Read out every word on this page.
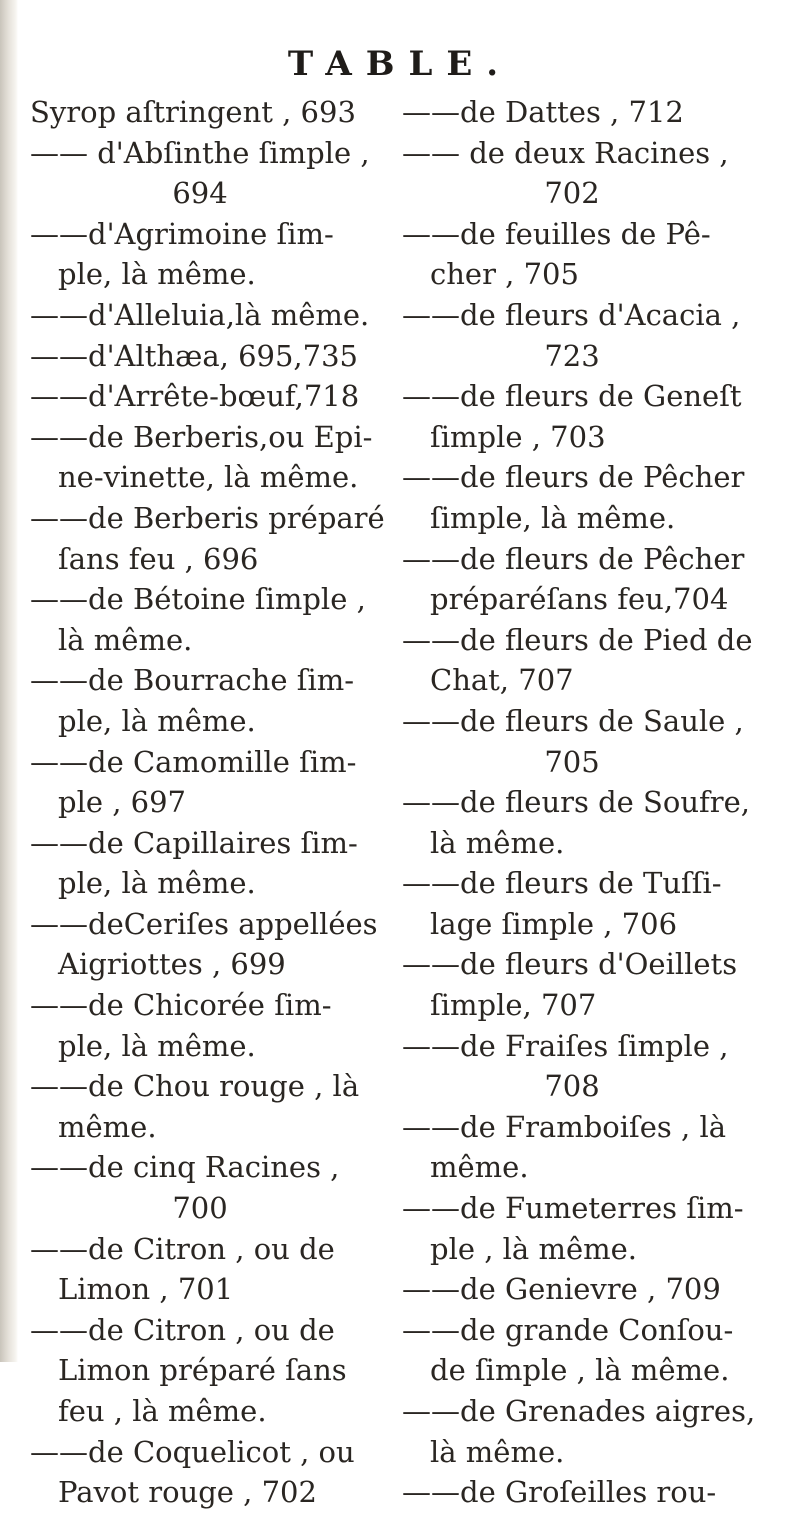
TABLE.
Syrop aſtringent , 693
—— d'Abſinthe ſimple ,
694
——d'Agrimoine ſim-
ple, là même.
——d'Alleluia,là même.
——d'Althæa, 695,735
——d'Arrête-bœuf,718
——de Berberis,ou Epi-
ne-vinette, là même.
——de Berberis préparé
ſans feu , 696
——de Bétoine ſimple ,
là même.
——de Bourrache ſim-
ple, là même.
——de Camomille ſim-
ple , 697
——de Capillaires ſim-
ple, là même.
——deCeriſes appellées
Aigriottes , 699
——de Chicorée ſim-
ple, là même.
——de Chou rouge , là
même.
——de cinq Racines ,
700
——de Citron , ou de
Limon , 701
——de Citron , ou de
Limon préparé ſans
feu , là même.
——de Coquelicot , ou
Pavot rouge , 702
——de Dattes , 712
—— de deux Racines ,
702
——de feuilles de Pê-
cher , 705
——de fleurs d'Acacia ,
723
——de fleurs de Geneſt
ſimple , 703
——de fleurs de Pêcher
ſimple, là même.
——de fleurs de Pêcher
préparéſans feu,704
——de fleurs de Pied de
Chat, 707
——de fleurs de Saule ,
705
——de fleurs de Soufre,
là même.
——de fleurs de Tuſſi-
lage ſimple , 706
——de fleurs d'Oeillets
ſimple, 707
——de Fraiſes ſimple ,
708
——de Framboiſes , là
même.
——de Fumeterres ſim-
ple , là même.
——de Genievre , 709
——de grande Conſou-
de ſimple , là même.
——de Grenades aigres,
là même.
——de Groſeilles rou-
